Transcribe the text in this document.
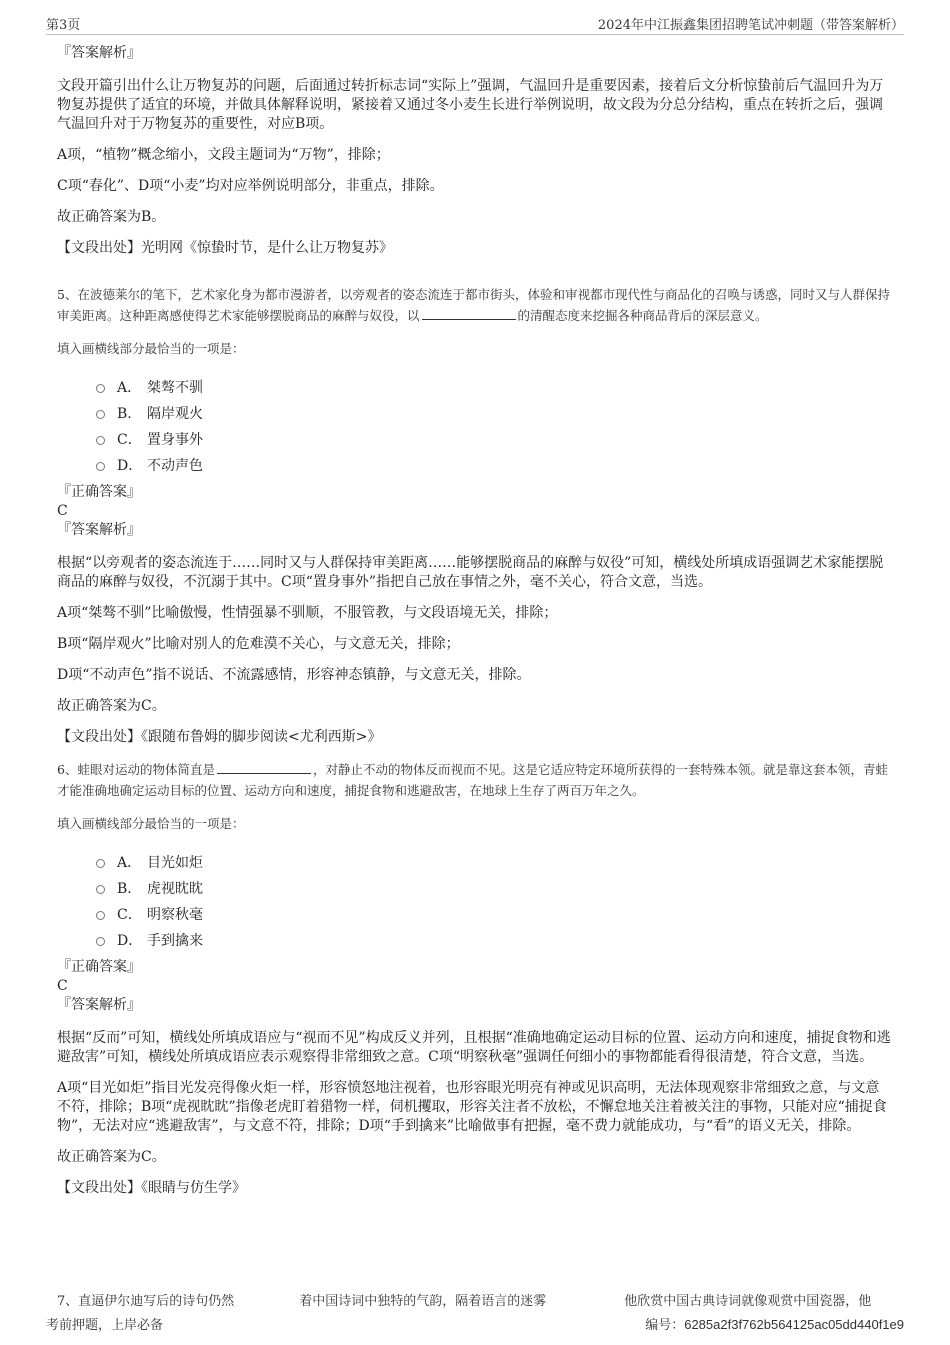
第3页	2024年中江振鑫集团招聘笔试冲刺题（带答案解析）

『答案解析』

文段开篇引出什么让万物复苏的问题，后面通过转折标志词“实际上”强调，气温回升是重要因素，接着后文分析惊蛰前后气温回升为万物复苏提供了适宜的环境，并做具体解释说明，紧接着又通过冬小麦生长进行举例说明，故文段为分总分结构，重点在转折之后，强调气温回升对于万物复苏的重要性，对应B项。

A项，“植物”概念缩小，文段主题词为“万物”，排除；

C项“春化”、D项“小麦”均对应举例说明部分，非重点，排除。

故正确答案为B。

【文段出处】光明网《惊蛰时节，是什么让万物复苏》

5、在波德莱尔的笔下，艺术家化身为都市漫游者，以旁观者的姿态流连于都市街头，体验和审视都市现代性与商品化的召唤与诱惑，同时又与人群保持审美距离。这种距离感使得艺术家能够摆脱商品的麻醉与奴役，以	的清醒态度来挖掘各种商品背后的深层意义。

填入画横线部分最恰当的一项是：

A． 桀骜不驯
B. 隔岸观火
C． 置身事外
D． 不动声色

『正确答案』

C

『答案解析』

根据“以旁观者的姿态流连于……同时又与人群保持审美距离……能够摆脱商品的麻醉与奴役”可知，横线处所填成语强调艺术家能摆脱商品的麻醉与奴役，不沉溺于其中。C项“置身事外”指把自己放在事情之外，毫不关心，符合文意，当选。

A项“桀骜不驯”比喻傲慢，性情强暴不驯顺，不服管教，与文段语境无关，排除；

B项“隔岸观火”比喻对别人的危难漠不关心，与文意无关，排除；

D项“不动声色”指不说话、不流露感情，形容神态镇静，与文意无关，排除。

故正确答案为C。

【文段出处】《跟随布鲁姆的脚步阅读<尤利西斯>》

6、蛙眼对运动的物体简直是	，对静止不动的物体反而视而不见。这是它适应特定环境所获得的一套特殊本领。就是靠这套本领，青蛙才能准确地确定运动目标的位置、运动方向和速度，捕捉食物和逃避敌害，在地球上生存了两百万年之久。

填入画横线部分最恰当的一项是：

A． 目光如炬
B. 虎视眈眈
C． 明察秋毫
D． 手到擒来

『正确答案』

C

『答案解析』

根据“反而”可知，横线处所填成语应与“视而不见”构成反义并列，且根据“准确地确定运动目标的位置、运动方向和速度，捕捉食物和逃避敌害”可知，横线处所填成语应表示观察得非常细致之意。C项“明察秋毫”强调任何细小的事物都能看得很清楚，符合文意，当选。

A项“目光如炬”指目光发亮得像火炬一样，形容愤怒地注视着，也形容眼光明亮有神或见识高明，无法体现观察非常细致之意，与文意不符，排除；B项“虎视眈眈”指像老虎盯着猎物一样，伺机攫取，形容关注者不放松，不懈怠地关注着被关注的事物，只能对应“捕捉食物”，无法对应“逃避敌害”，与文意不符，排除；D项“手到擒来”比喻做事有把握，毫不费力就能成功，与“看”的语义无关，排除。

故正确答案为C。

【文段出处】《眼睛与仿生学》

7、直逼伊尔迪写后的诗句仍然　　　　　着中国诗词中独特的气韵，隔着语言的迷雾　　　　　　他欣赏中国古典诗词就像观赏中国瓷器，他
考前押题，上岸必备	编号：6285a2f3f762b564125ac05dd440f1e9
